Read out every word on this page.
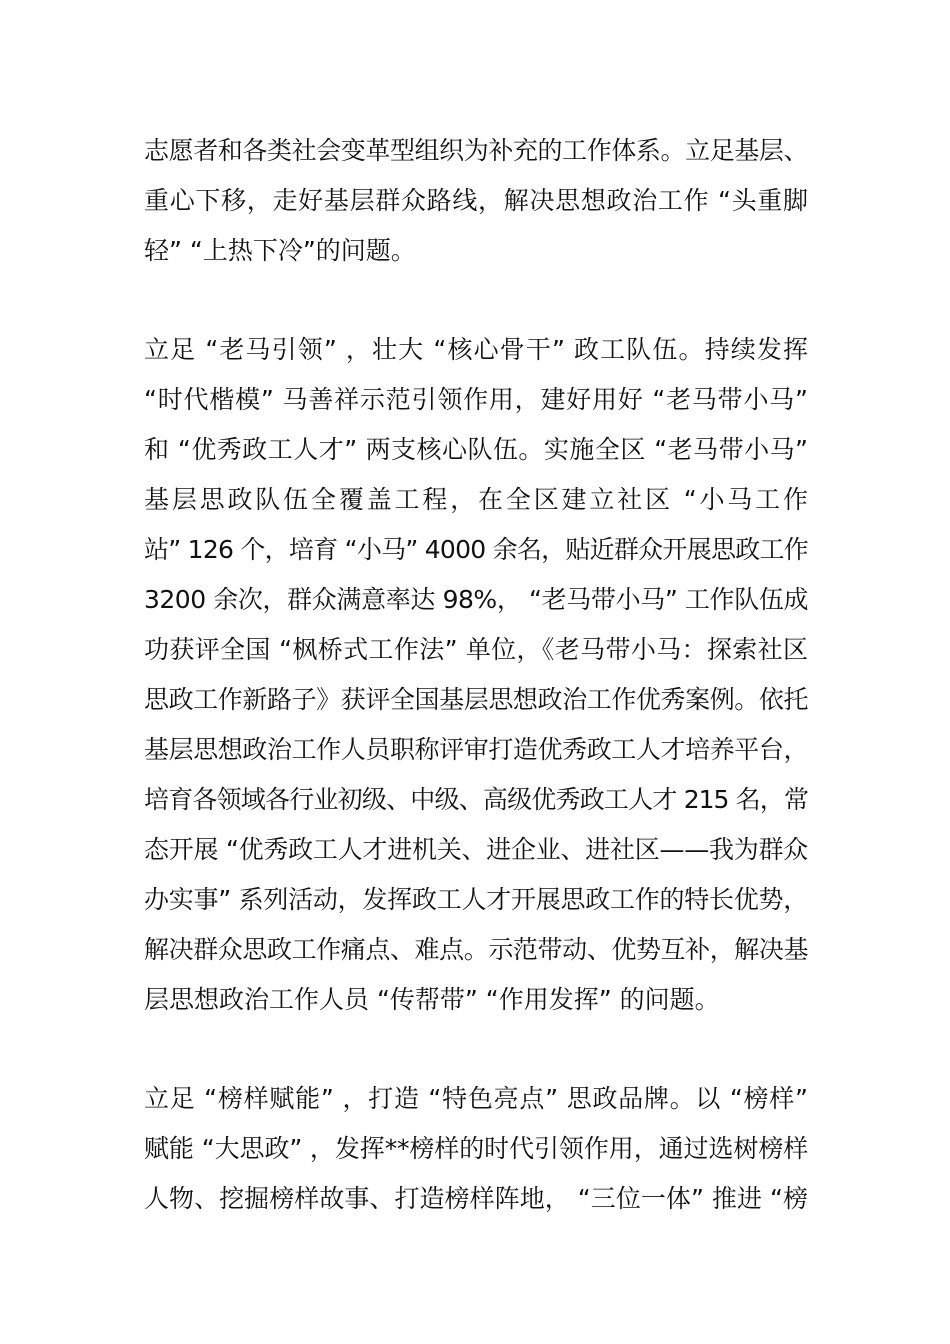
志愿者和各类社会变革型组织为补充的工作体系。立足基层、
重心下移，走好基层群众路线，解决思想政治工作 “头重脚
轻” “上热下冷”的问题。
立足 “老马引领” ，壮大 “核心骨干” 政工队伍。持续发挥
“时代楷模” 马善祥示范引领作用，建好用好 “老马带小马”
和 “优秀政工人才” 两支核心队伍。实施全区 “老马带小马”
基层思政队伍全覆盖工程，在全区建立社区 “小马工作
站” 126 个，培育 “小马” 4000 余名，贴近群众开展思政工作
3200 余次，群众满意率达 98%， “老马带小马” 工作队伍成
功获评全国 “枫桥式工作法” 单位，《老马带小马：探索社区
思政工作新路子》获评全国基层思想政治工作优秀案例。依托
基层思想政治工作人员职称评审打造优秀政工人才培养平台，
培育各领域各行业初级、中级、高级优秀政工人才 215 名，常
态开展 “优秀政工人才进机关、进企业、进社区——我为群众
办实事” 系列活动，发挥政工人才开展思政工作的特长优势，
解决群众思政工作痛点、难点。示范带动、优势互补，解决基
层思想政治工作人员 “传帮带” “作用发挥” 的问题。
立足 “榜样赋能” ，打造 “特色亮点” 思政品牌。以 “榜样”
赋能 “大思政” ，发挥**榜样的时代引领作用，通过选树榜样
人物、挖掘榜样故事、打造榜样阵地， “三位一体” 推进 “榜
